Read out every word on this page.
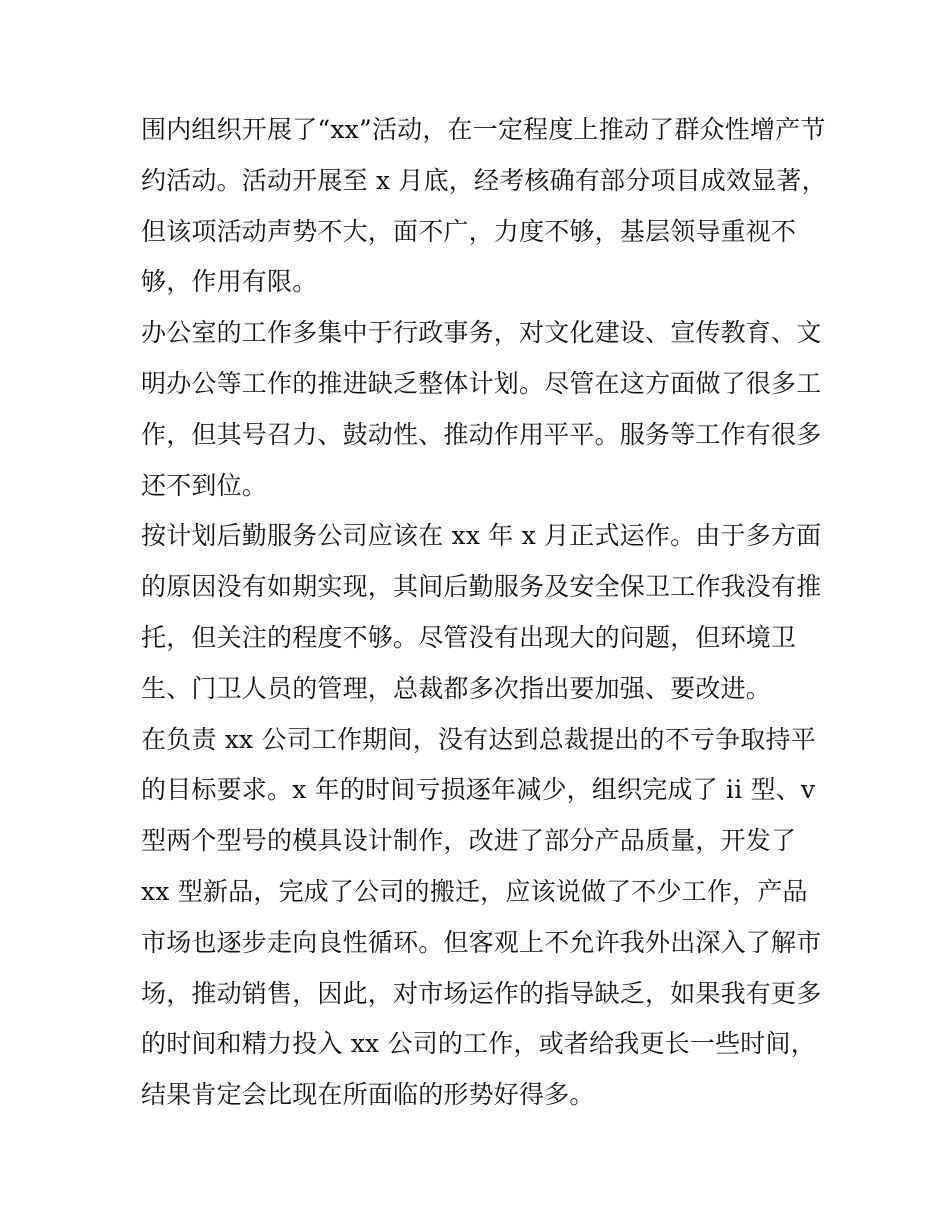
围内组织开展了“xx”活动，在一定程度上推动了群众性增产节
约活动。活动开展至 x 月底，经考核确有部分项目成效显著，
但该项活动声势不大，面不广，力度不够，基层领导重视不
够，作用有限。
办公室的工作多集中于行政事务，对文化建设、宣传教育、文
明办公等工作的推进缺乏整体计划。尽管在这方面做了很多工
作，但其号召力、鼓动性、推动作用平平。服务等工作有很多
还不到位。
按计划后勤服务公司应该在 xx 年 x 月正式运作。由于多方面
的原因没有如期实现，其间后勤服务及安全保卫工作我没有推
托，但关注的程度不够。尽管没有出现大的问题，但环境卫
生、门卫人员的管理，总裁都多次指出要加强、要改进。
在负责 xx 公司工作期间，没有达到总裁提出的不亏争取持平
的目标要求。x 年的时间亏损逐年减少，组织完成了 ii 型、v
型两个型号的模具设计制作，改进了部分产品质量，开发了
xx 型新品，完成了公司的搬迁，应该说做了不少工作，产品
市场也逐步走向良性循环。但客观上不允许我外出深入了解市
场，推动销售，因此，对市场运作的指导缺乏，如果我有更多
的时间和精力投入 xx 公司的工作，或者给我更长一些时间，
结果肯定会比现在所面临的形势好得多。
